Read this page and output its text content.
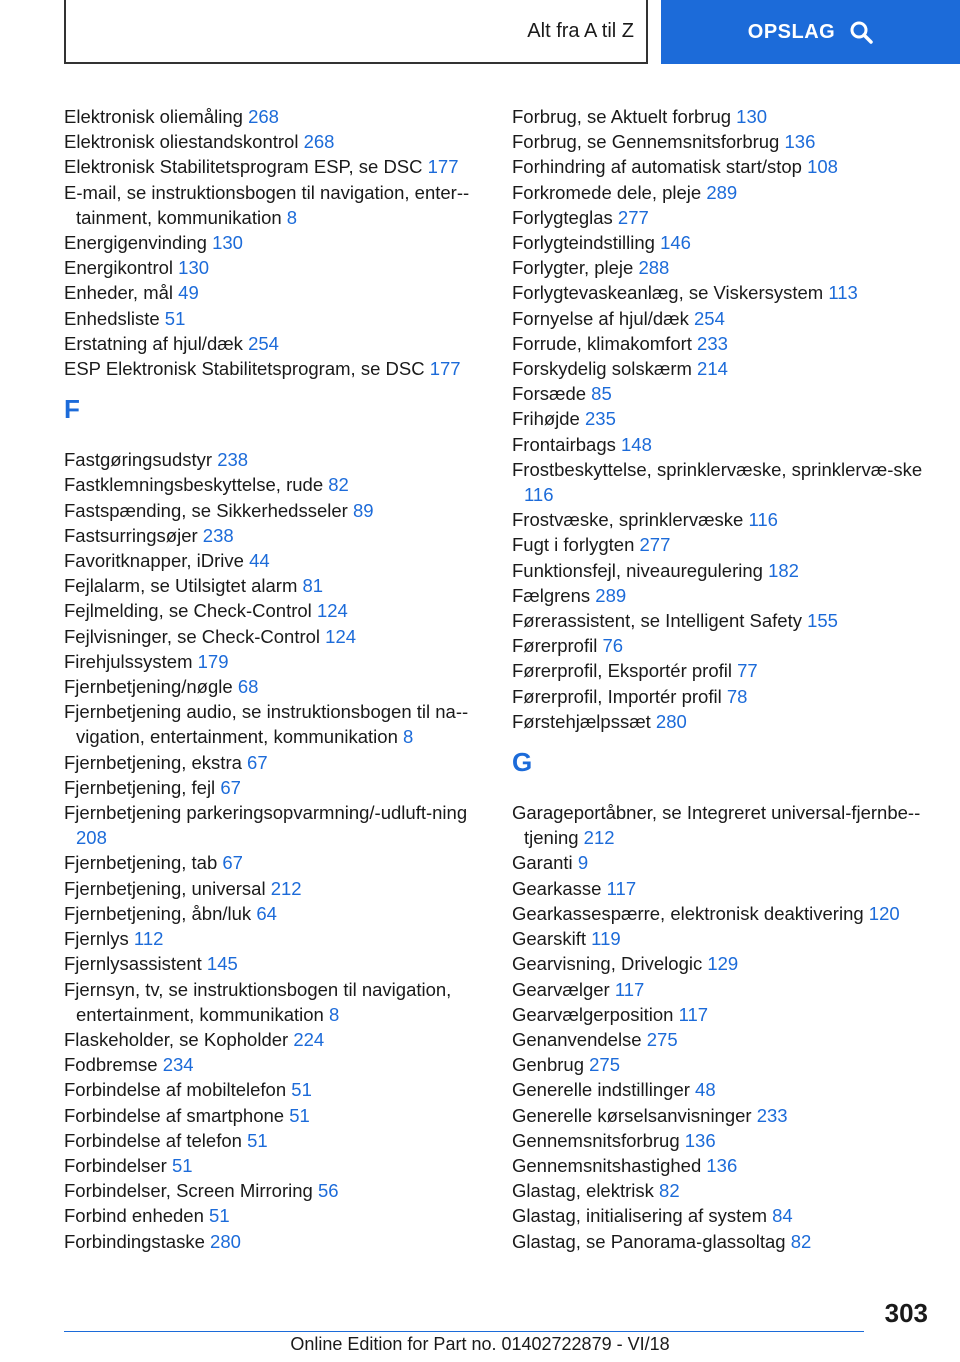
Alt fra A til Z	OPSLAG
Elektronisk oliemåling 268
Elektronisk oliestandskontrol 268
Elektronisk Stabilitetsprogram ESP, se DSC 177
E-mail, se instruktionsbogen til navigation, enter-tainment, kommunikation 8
Energigenvinding 130
Energikontrol 130
Enheder, mål 49
Enhedsliste 51
Erstatning af hjul/dæk 254
ESP Elektronisk Stabilitetsprogram, se DSC 177
F
Fastgøringsudstyr 238
Fastklemningsbeskyttelse, rude 82
Fastspænding, se Sikkerhedsseler 89
Fastsurringsøjer 238
Favoritknapper, iDrive 44
Fejlalarm, se Utilsigtet alarm 81
Fejlmelding, se Check-Control 124
Fejlvisninger, se Check-Control 124
Firehjulssystem 179
Fjernbetjening/nøgle 68
Fjernbetjening audio, se instruktionsbogen til na-vigation, entertainment, kommunikation 8
Fjernbetjening, ekstra 67
Fjernbetjening, fejl 67
Fjernbetjening parkeringsopvarmning/-udluft-ning 208
Fjernbetjening, tab 67
Fjernbetjening, universal 212
Fjernbetjening, åbn/luk 64
Fjernlys 112
Fjernlysassistent 145
Fjernsyn, tv, se instruktionsbogen til navigation, entertainment, kommunikation 8
Flaskeholder, se Kopholder 224
Fodbremse 234
Forbindelse af mobiltelefon 51
Forbindelse af smartphone 51
Forbindelse af telefon 51
Forbindelser 51
Forbindelser, Screen Mirroring 56
Forbind enheden 51
Forbindingstaske 280
Forbrug, se Aktuelt forbrug 130
Forbrug, se Gennemsnitsforbrug 136
Forhindring af automatisk start/stop 108
Forkromede dele, pleje 289
Forlygteglas 277
Forlygteindstilling 146
Forlygter, pleje 288
Forlygtevaskeanlæg, se Viskersystem 113
Fornyelse af hjul/dæk 254
Forrude, klimakomfort 233
Forskydelig solskærm 214
Forsæde 85
Frihøjde 235
Frontairbags 148
Frostbeskyttelse, sprinklervæske, sprinklervæ-ske 116
Frostvæske, sprinklervæske 116
Fugt i forlygten 277
Funktionsfejl, niveauregulering 182
Fælgrens 289
Førerassistent, se Intelligent Safety 155
Førerprofil 76
Førerprofil, Eksportér profil 77
Førerprofil, Importér profil 78
Førstehjælpssæt 280
G
Garageportåbner, se Integreret universal-fjernbe-tjening 212
Garanti 9
Gearkasse 117
Gearkassespærre, elektronisk deaktivering 120
Gearskift 119
Gearvisning, Drivelogic 129
Gearvælger 117
Gearvælgerposition 117
Genanvendelse 275
Genbrug 275
Generelle indstillinger 48
Generelle kørselsanvisninger 233
Gennemsnitsforbrug 136
Gennemsnitshastighed 136
Glastag, elektrisk 82
Glastag, initialisering af system 84
Glastag, se Panorama-glassoltag 82
303
Online Edition for Part no. 01402722879 - VI/18
